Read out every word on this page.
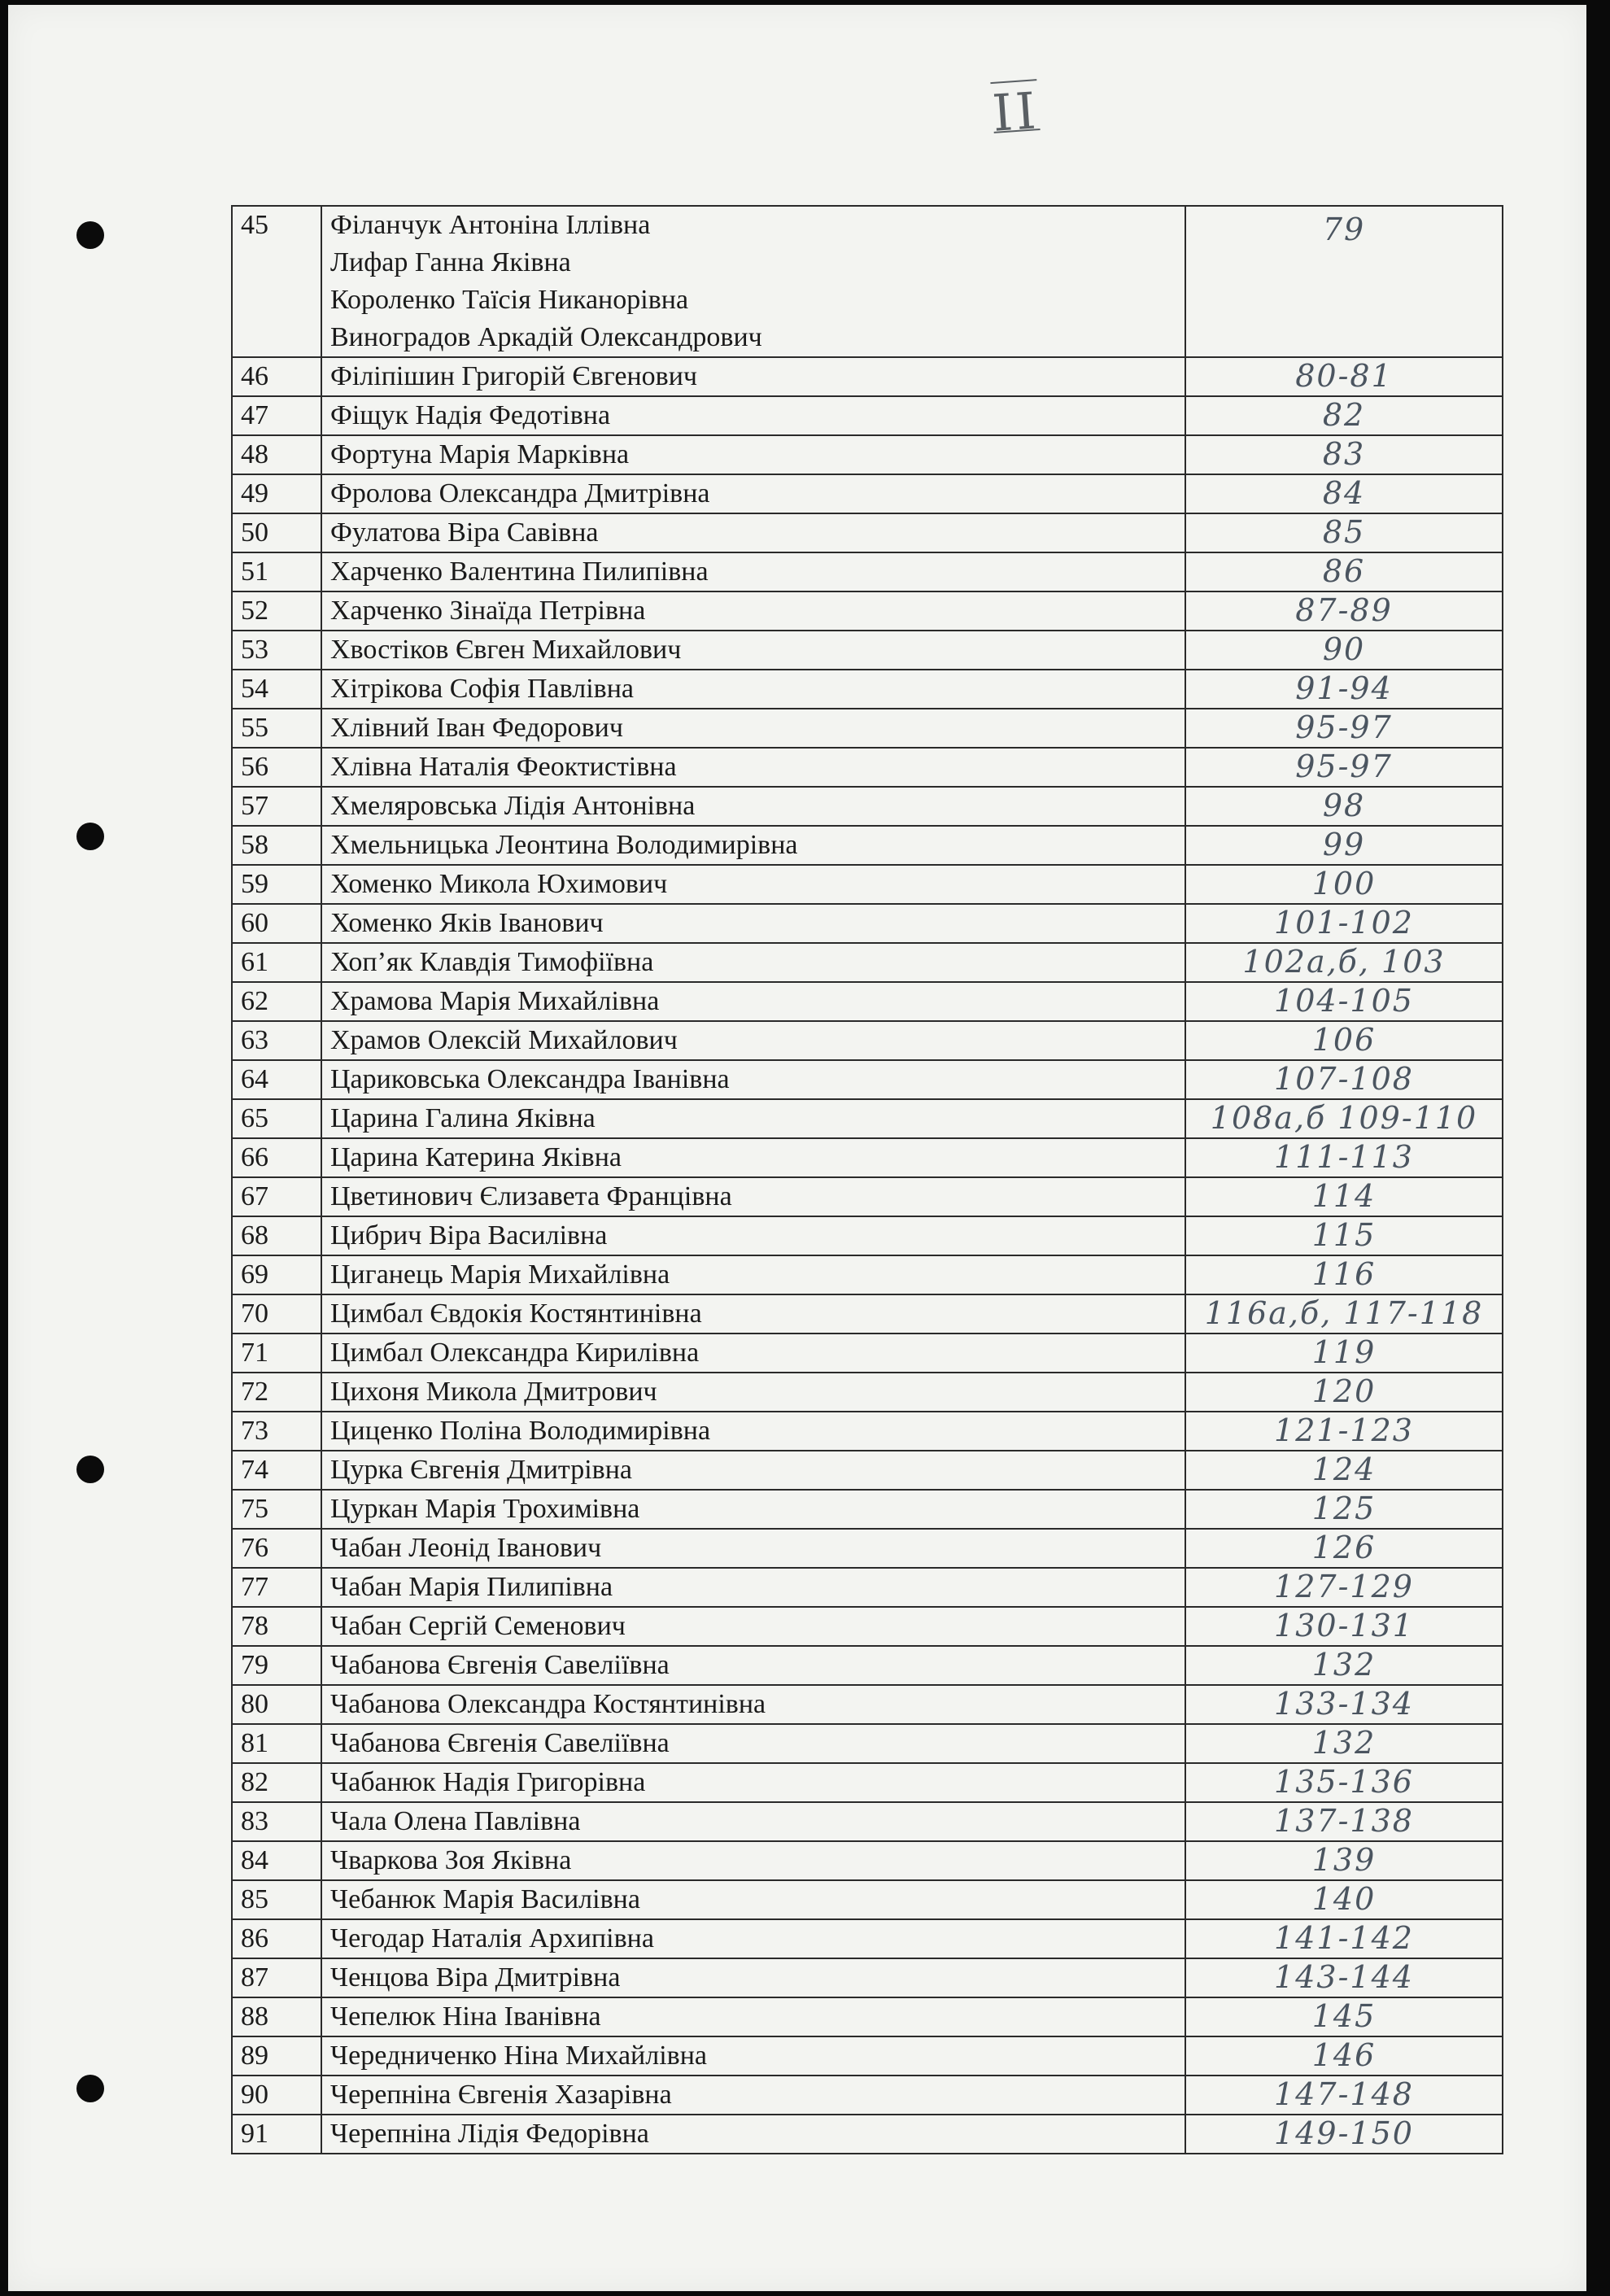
II
45	Філанчук Антоніна Іллівна
Лифар Ганна Яківна
Короленко Таїсія Никанорівна
Виноградов Аркадій Олександрович	79
46	Філіпішин Григорій Євгенович	80-81
47	Фіщук Надія Федотівна	82
48	Фортуна Марія Марківна	83
49	Фролова Олександра Дмитрівна	84
50	Фулатова Віра Савівна	85
51	Харченко Валентина Пилипівна	86
52	Харченко Зінаїда Петрівна	87-89
53	Хвостіков Євген Михайлович	90
54	Хітрікова Софія Павлівна	91-94
55	Хлівний Іван Федорович	95-97
56	Хлівна Наталія Феоктистівна	95-97
57	Хмеляровська Лідія Антонівна	98
58	Хмельницька Леонтина Володимирівна	99
59	Хоменко Микола Юхимович	100
60	Хоменко Яків Іванович	101-102
61	Хоп’як Клавдія Тимофіївна	102а,б, 103
62	Храмова Марія Михайлівна	104-105
63	Храмов Олексій Михайлович	106
64	Цариковська Олександра Іванівна	107-108
65	Царина Галина Яківна	108а,б 109-110
66	Царина Катерина Яківна	111-113
67	Цветинович Єлизавета Францівна	114
68	Цибрич Віра Василівна	115
69	Циганець Марія Михайлівна	116
70	Цимбал Євдокія Костянтинівна	116а,б, 117-118
71	Цимбал Олександра Кирилівна	119
72	Цихоня Микола Дмитрович	120
73	Циценко Поліна Володимирівна	121-123
74	Цурка Євгенія Дмитрівна	124
75	Цуркан Марія Трохимівна	125
76	Чабан Леонід Іванович	126
77	Чабан Марія Пилипівна	127-129
78	Чабан Сергій Семенович	130-131
79	Чабанова Євгенія Савеліївна	132
80	Чабанова Олександра Костянтинівна	133-134
81	Чабанова Євгенія Савеліївна	132
82	Чабанюк Надія Григорівна	135-136
83	Чала Олена Павлівна	137-138
84	Чваркова Зоя Яківна	139
85	Чебанюк Марія Василівна	140
86	Чегодар Наталія Архипівна	141-142
87	Ченцова Віра Дмитрівна	143-144
88	Чепелюк Ніна Іванівна	145
89	Чередниченко Ніна Михайлівна	146
90	Черепніна Євгенія Хазарівна	147-148
91	Черепніна Лідія Федорівна	149-150
